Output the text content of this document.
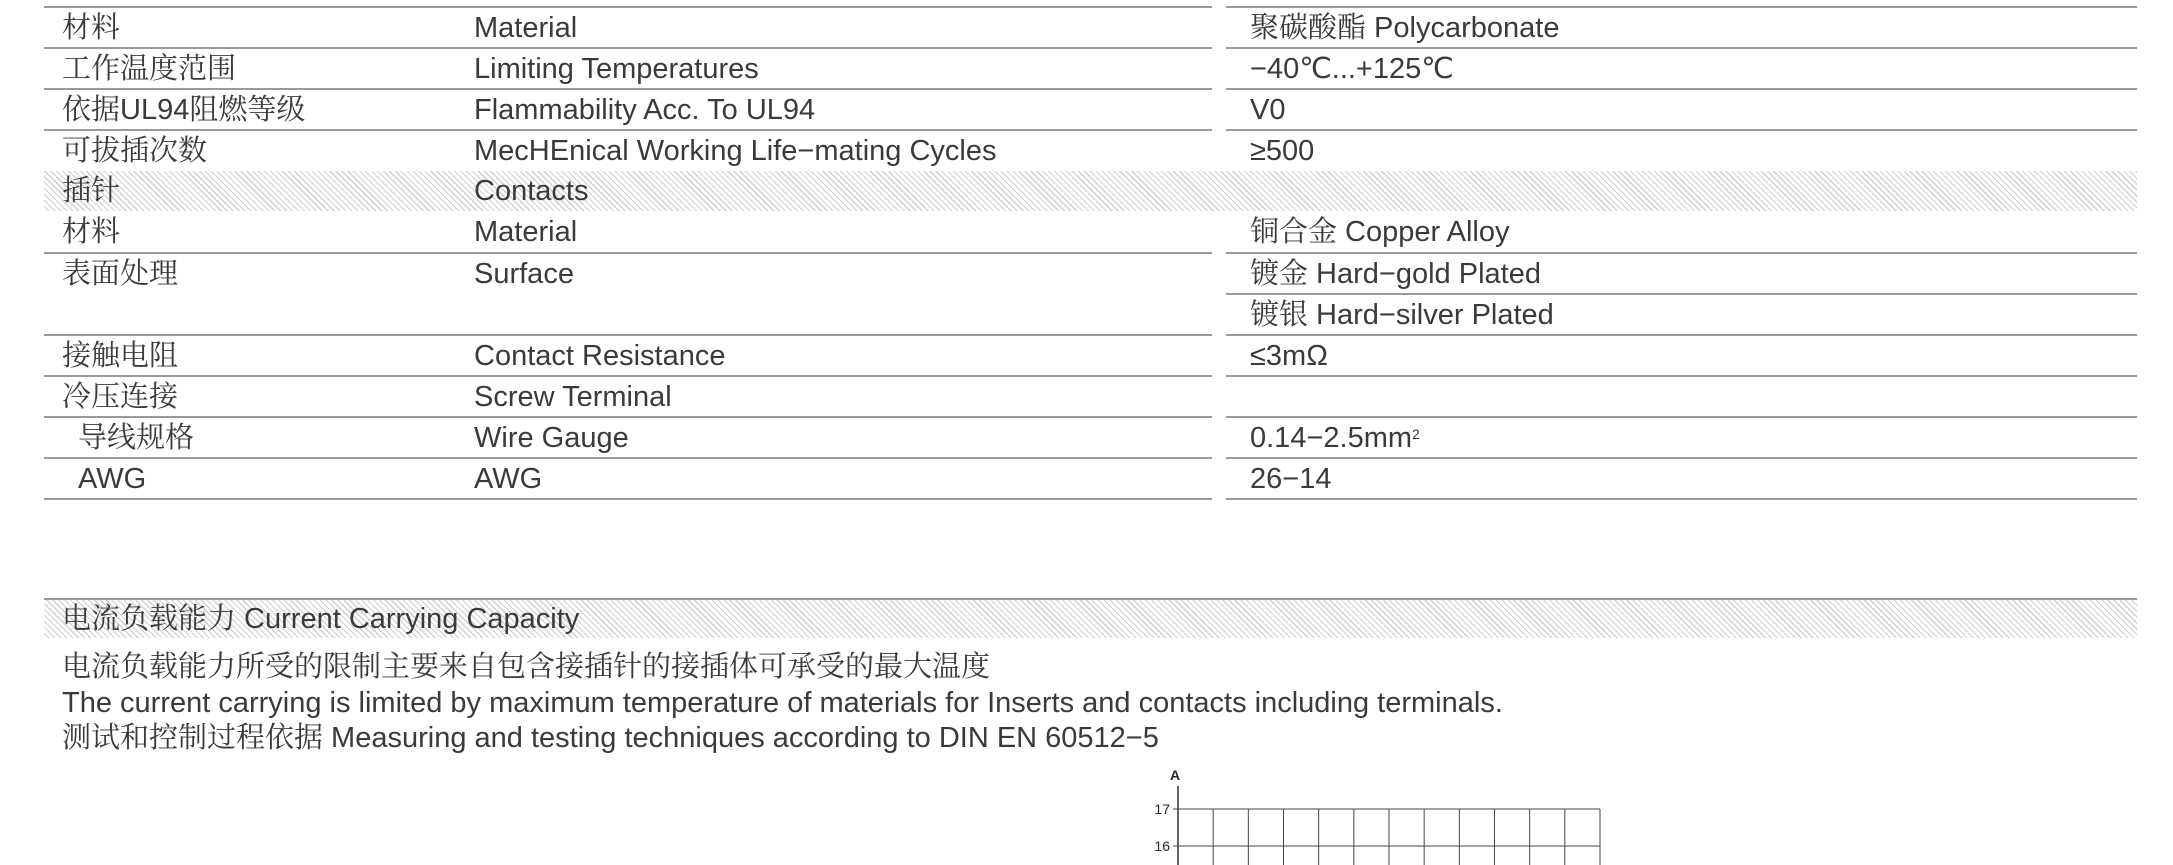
材料	Material	聚碳酸酯 Polycarbonate
工作温度范围	Limiting Temperatures	−40℃...+125℃
依据UL94阻燃等级	Flammability Acc. To UL94	V0
可拔插次数	MecHEnical Working Life−mating Cycles	≥500
插针	Contacts
材料	Material	铜合金 Copper Alloy
表面处理	Surface	镀金 Hard−gold Plated
镀银 Hard−silver Plated
接触电阻	Contact Resistance	≤3mΩ
冷压连接	Screw Terminal
导线规格	Wire Gauge	$0.14-2.5mm^2$
AWG	AWG	26−14
电流负载能力 Current Carrying Capacity
电流负载能力所受的限制主要来自包含接插针的接插体可承受的最大温度
The current carrying is limited by maximum temperature of materials for Inserts and contacts including terminals.
测试和控制过程依据 Measuring and testing techniques according to DIN EN 60512−5
A
17
16
